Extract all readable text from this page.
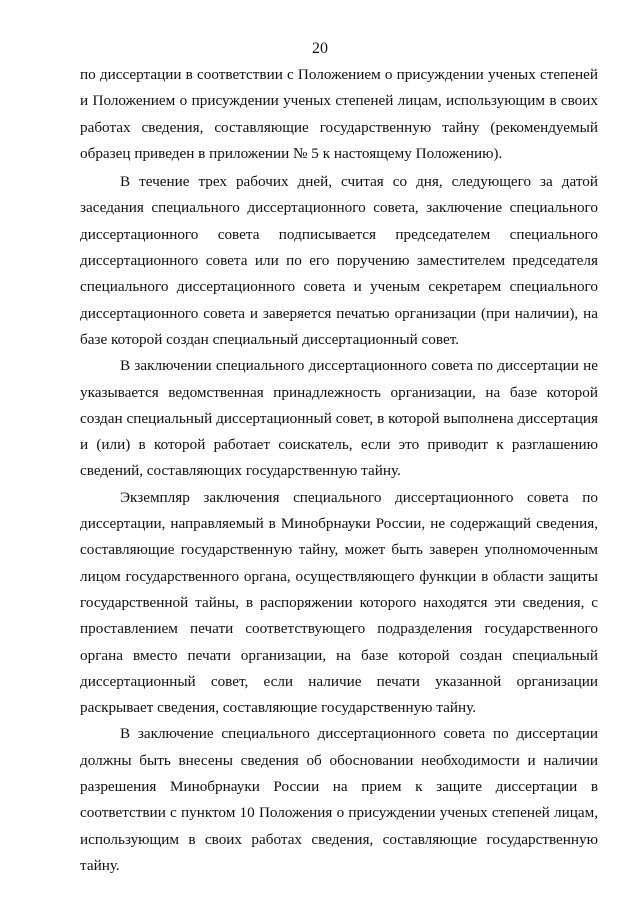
20

по диссертации в соответствии с Положением о присуждении ученых степеней и Положением о присуждении ученых степеней лицам, использующим в своих работах сведения, составляющие государственную тайну (рекомендуемый образец приведен в приложении № 5 к настоящему Положению).

В течение трех рабочих дней, считая со дня, следующего за датой заседания специального диссертационного совета, заключение специального диссертационного совета подписывается председателем специального диссертационного совета или по его поручению заместителем председателя специального диссертационного совета и ученым секретарем специального диссертационного совета и заверяется печатью организации (при наличии), на базе которой создан специальный диссертационный совет.

В заключении специального диссертационного совета по диссертации не указывается ведомственная принадлежность организации, на базе которой создан специальный диссертационный совет, в которой выполнена диссертация и (или) в которой работает соискатель, если это приводит к разглашению сведений, составляющих государственную тайну.

Экземпляр заключения специального диссертационного совета по диссертации, направляемый в Минобрнауки России, не содержащий сведения, составляющие государственную тайну, может быть заверен уполномоченным лицом государственного органа, осуществляющего функции в области защиты государственной тайны, в распоряжении которого находятся эти сведения, с проставлением печати соответствующего подразделения государственного органа вместо печати организации, на базе которой создан специальный диссертационный совет, если наличие печати указанной организации раскрывает сведения, составляющие государственную тайну.

В заключение специального диссертационного совета по диссертации должны быть внесены сведения об обосновании необходимости и наличии разрешения Минобрнауки России на прием к защите диссертации в соответствии с пунктом 10 Положения о присуждении ученых степеней лицам, использующим в своих работах сведения, составляющие государственную тайну.
